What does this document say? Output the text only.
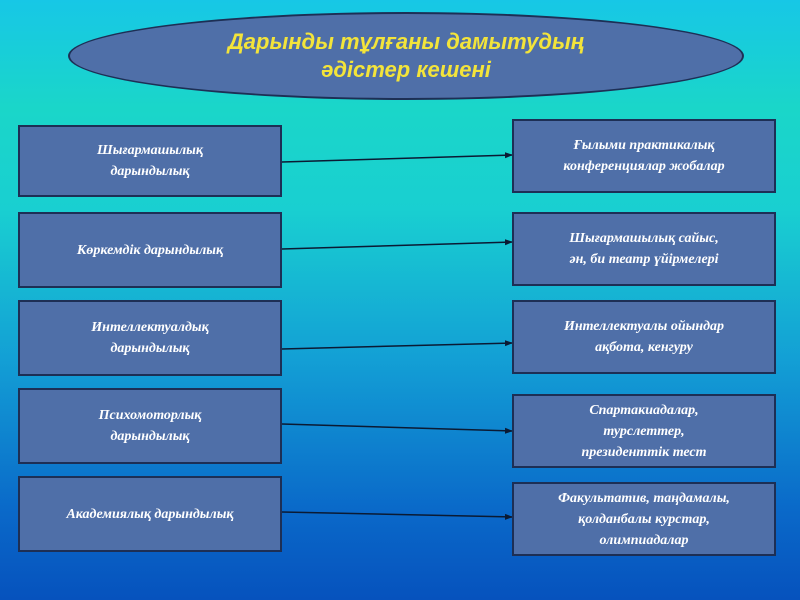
Дарынды тұлғаны дамытудың
әдістер кешені
Шығармашылық
дарындылық
Көркемдік дарындылық
Интеллектуалдық
дарындылық
Психомоторлық
дарындылық
Академиялық дарындылық
Ғылыми практикалық
конференциялар жобалар
Шығармашылық сайыс,
ән, би театр үйірмелері
Интеллектуалы ойындар
ақбота, кенгуру
Спартакиадалар,
турслеттер,
президенттік тест
Факультатив, таңдамалы,
қолданбалы курстар,
олимпиадалар
